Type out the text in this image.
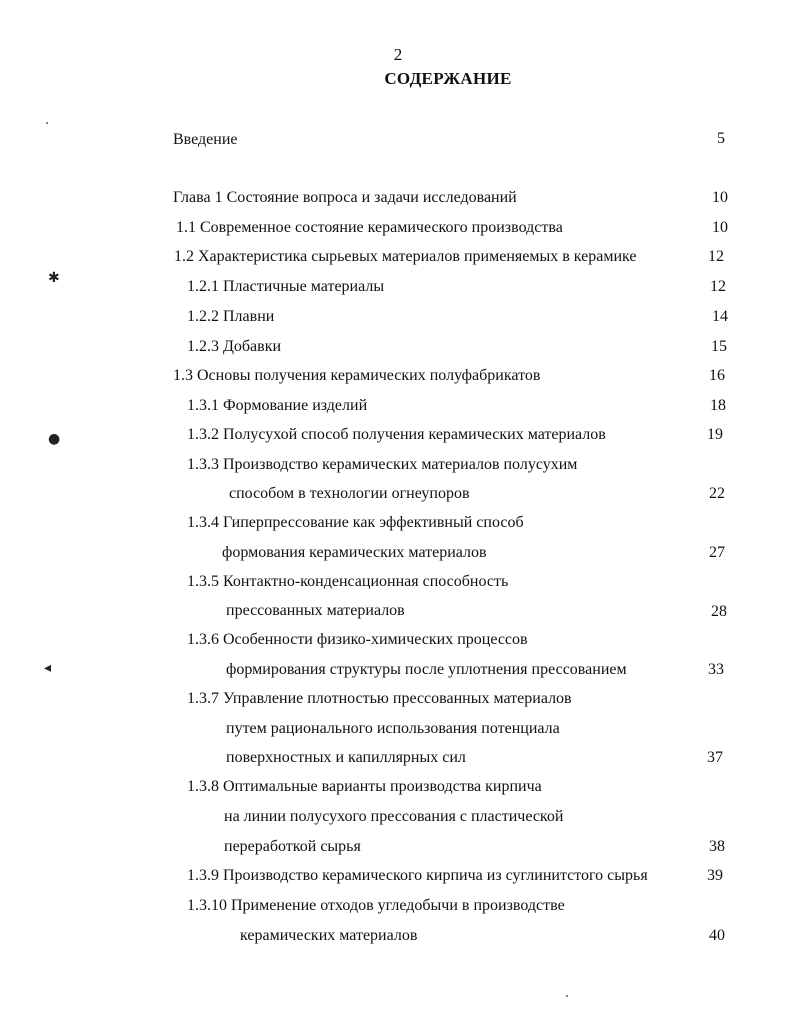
2
СОДЕРЖАНИЕ
Введение	5
Глава 1 Состояние вопроса и задачи исследований	10
1.1 Современное состояние керамического производства	10
1.2 Характеристика сырьевых материалов применяемых в керамике	12
1.2.1 Пластичные материалы	12
1.2.2 Плавни	14
1.2.3 Добавки	15
1.3 Основы получения керамических полуфабрикатов	16
1.3.1 Формование изделий	18
1.3.2 Полусухой способ получения керамических материалов	19
1.3.3 Производство керамических материалов полусухим
способом в технологии огнеупоров	22
1.3.4 Гиперпрессование как эффективный способ
формования керамических материалов	27
1.3.5 Контактно-конденсационная способность
прессованных материалов	28
1.3.6 Особенности физико-химических процессов
формирования структуры после уплотнения прессованием	33
1.3.7 Управление плотностью прессованных материалов
путем рационального использования потенциала
поверхностных и капиллярных сил	37
1.3.8 Оптимальные варианты производства кирпича
на линии полусухого прессования с пластической
переработкой сырья	38
1.3.9 Производство керамического кирпича из суглинитстого сырья	39
1.3.10 Применение отходов угледобычи в производстве
керамических материалов	40
✱
●
◂
